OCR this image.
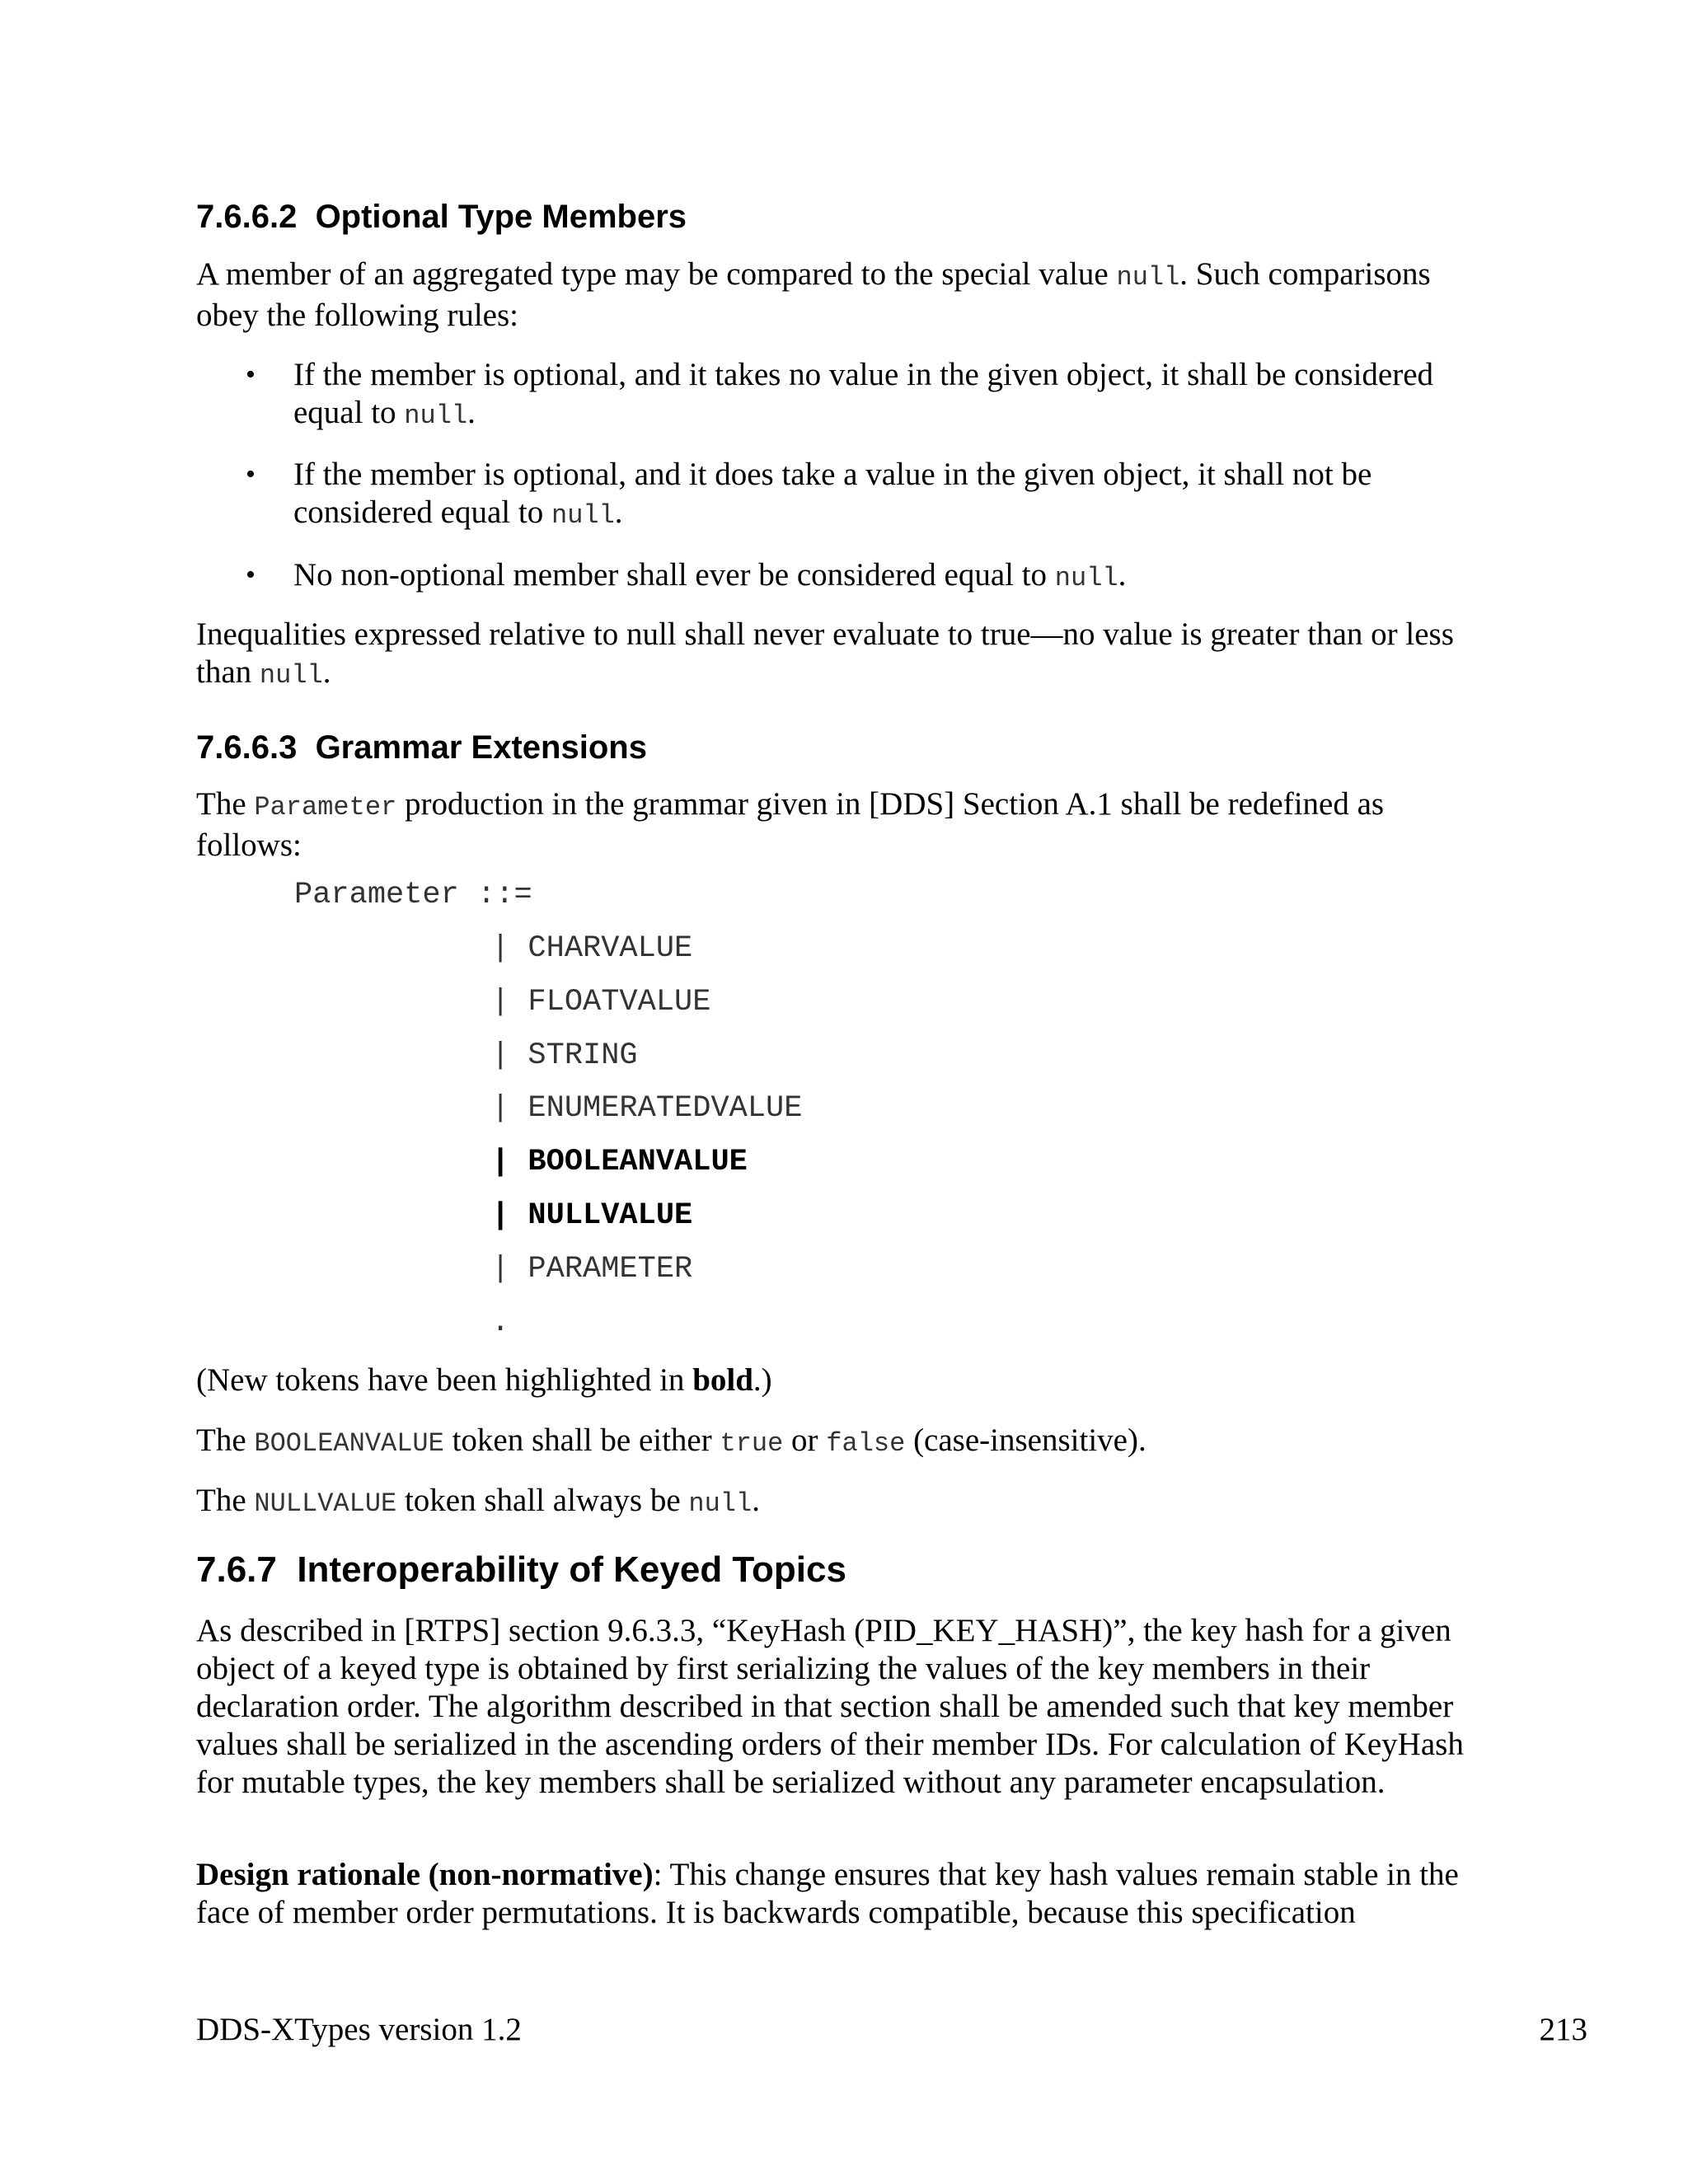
7.6.6.2 Optional Type Members

A member of an aggregated type may be compared to the special value null. Such comparisons obey the following rules:

• If the member is optional, and it takes no value in the given object, it shall be considered equal to null.

• If the member is optional, and it does take a value in the given object, it shall not be considered equal to null.

• No non-optional member shall ever be considered equal to null.

Inequalities expressed relative to null shall never evaluate to true—no value is greater than or less than null.

7.6.6.3 Grammar Extensions

The Parameter production in the grammar given in [DDS] Section A.1 shall be redefined as follows:

Parameter ::=
| CHARVALUE
| FLOATVALUE
| STRING
| ENUMERATEDVALUE
| BOOLEANVALUE
| NULLVALUE
| PARAMETER
.

(New tokens have been highlighted in bold.)

The BOOLEANVALUE token shall be either true or false (case-insensitive).

The NULLVALUE token shall always be null.

7.6.7 Interoperability of Keyed Topics

As described in [RTPS] section 9.6.3.3, “KeyHash (PID_KEY_HASH)”, the key hash for a given object of a keyed type is obtained by first serializing the values of the key members in their declaration order. The algorithm described in that section shall be amended such that key member values shall be serialized in the ascending orders of their member IDs. For calculation of KeyHash for mutable types, the key members shall be serialized without any parameter encapsulation.

Design rationale (non-normative): This change ensures that key hash values remain stable in the face of member order permutations. It is backwards compatible, because this specification

DDS-XTypes version 1.2	213
